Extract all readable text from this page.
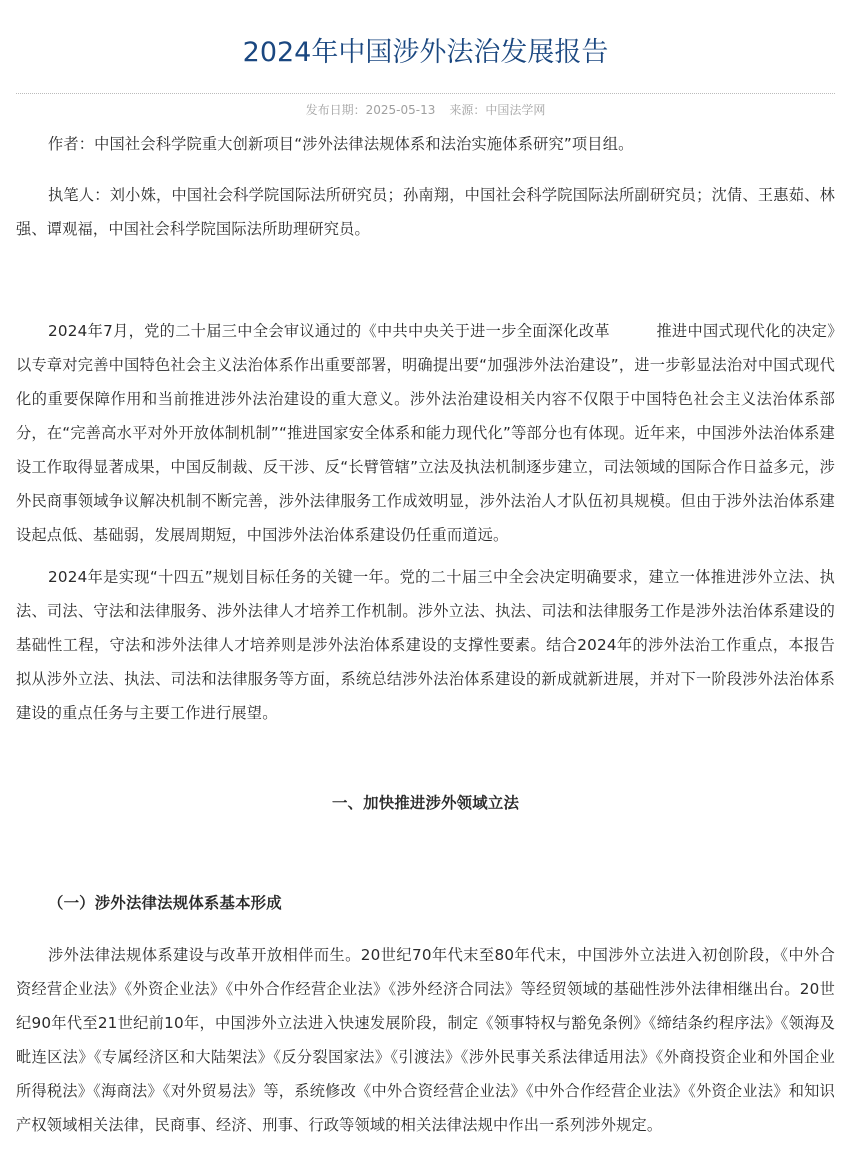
2024年中国涉外法治发展报告
发布日期：2025-05-13 来源：中国法学网

作者：中国社会科学院重大创新项目“涉外法律法规体系和法治实施体系研究”项目组。

执笔人：刘小姝，中国社会科学院国际法所研究员；孙南翔，中国社会科学院国际法所副研究员；沈倩、王惠茹、林强、谭观福，中国社会科学院国际法所助理研究员。

2024年7月，党的二十届三中全会审议通过的《中共中央关于进一步全面深化改革　　　推进中国式现代化的决定》以专章对完善中国特色社会主义法治体系作出重要部署，明确提出要“加强涉外法治建设”，进一步彰显法治对中国式现代化的重要保障作用和当前推进涉外法治建设的重大意义。涉外法治建设相关内容不仅限于中国特色社会主义法治体系部分，在“完善高水平对外开放体制机制”“推进国家安全体系和能力现代化”等部分也有体现。近年来，中国涉外法治体系建设工作取得显著成果，中国反制裁、反干涉、反“长臂管辖”立法及执法机制逐步建立，司法领域的国际合作日益多元，涉外民商事领域争议解决机制不断完善，涉外法律服务工作成效明显，涉外法治人才队伍初具规模。但由于涉外法治体系建设起点低、基础弱，发展周期短，中国涉外法治体系建设仍任重而道远。

2024年是实现“十四五”规划目标任务的关键一年。党的二十届三中全会决定明确要求，建立一体推进涉外立法、执法、司法、守法和法律服务、涉外法律人才培养工作机制。涉外立法、执法、司法和法律服务工作是涉外法治体系建设的基础性工程，守法和涉外法律人才培养则是涉外法治体系建设的支撑性要素。结合2024年的涉外法治工作重点，本报告拟从涉外立法、执法、司法和法律服务等方面，系统总结涉外法治体系建设的新成就新进展，并对下一阶段涉外法治体系建设的重点任务与主要工作进行展望。

一、加快推进涉外领域立法
（一）涉外法律法规体系基本形成

涉外法律法规体系建设与改革开放相伴而生。20世纪70年代末至80年代末，中国涉外立法进入初创阶段，《中外合资经营企业法》《外资企业法》《中外合作经营企业法》《涉外经济合同法》等经贸领域的基础性涉外法律相继出台。20世纪90年代至21世纪前10年，中国涉外立法进入快速发展阶段，制定《领事特权与豁免条例》《缔结条约程序法》《领海及毗连区法》《专属经济区和大陆架法》《反分裂国家法》《引渡法》《涉外民事关系法律适用法》《外商投资企业和外国企业所得税法》《海商法》《对外贸易法》等，系统修改《中外合资经营企业法》《中外合作经营企业法》《外资企业法》和知识产权领域相关法律，民商事、经济、刑事、行政等领域的相关法律法规中作出一系列涉外规定。
